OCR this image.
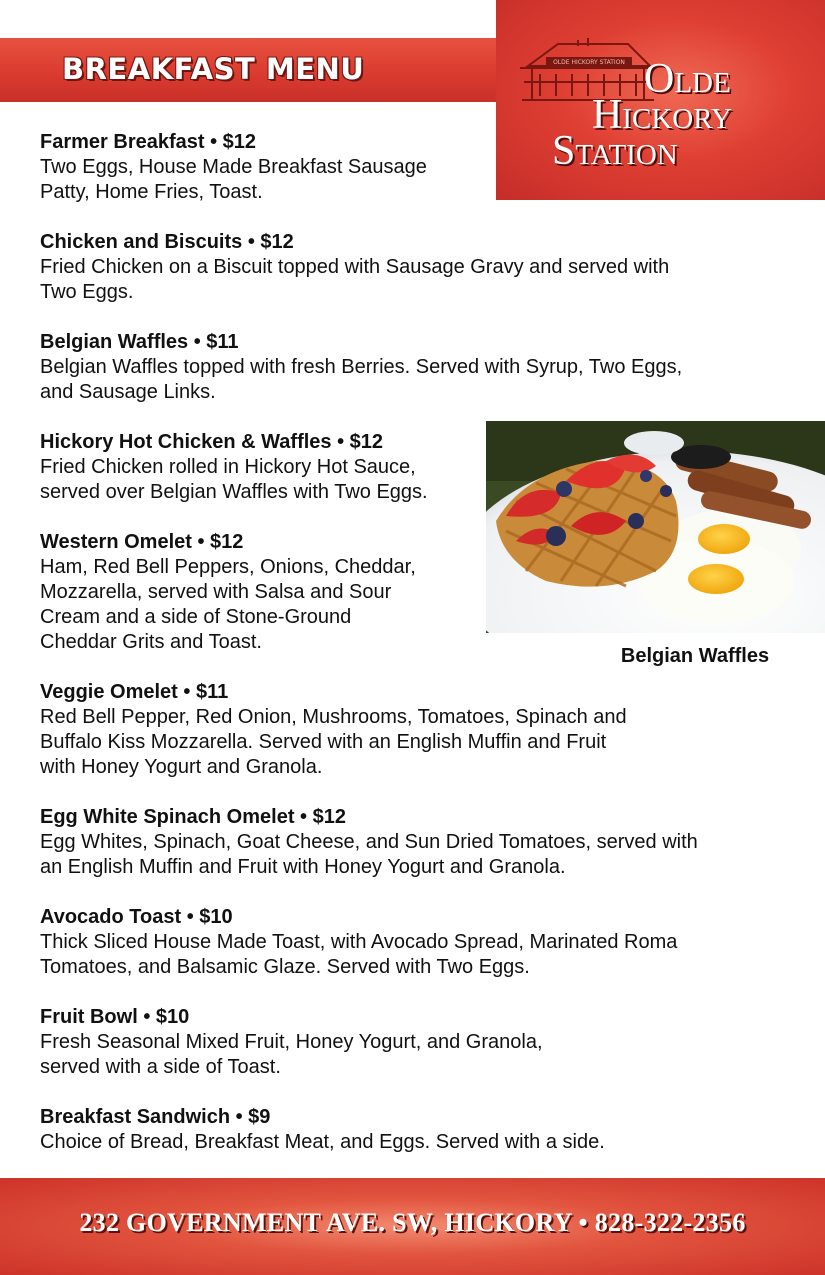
BREAKFAST MENU	OLDE HICKORY STATION Olde
Hickory
Station
Farmer Breakfast • $12
Two Eggs, House Made Breakfast Sausage
Patty, Home Fries, Toast.
Chicken and Biscuits • $12
Fried Chicken on a Biscuit topped with Sausage Gravy and served with
Two Eggs.
Belgian Waffles • $11
Belgian Waffles topped with fresh Berries. Served with Syrup, Two Eggs,
and Sausage Links.
Hickory Hot Chicken & Waffles • $12
Fried Chicken rolled in Hickory Hot Sauce,
served over Belgian Waffles with Two Eggs.
Western Omelet • $12
Ham, Red Bell Peppers, Onions, Cheddar,
Mozzarella, served with Salsa and Sour
Cream and a side of Stone-Ground
Cheddar Grits and Toast.
Veggie Omelet • $11
Red Bell Pepper, Red Onion, Mushrooms, Tomatoes, Spinach and
Buffalo Kiss Mozzarella. Served with an English Muffin and Fruit
with Honey Yogurt and Granola.
Egg White Spinach Omelet • $12
Egg Whites, Spinach, Goat Cheese, and Sun Dried Tomatoes, served with
an English Muffin and Fruit with Honey Yogurt and Granola.
Avocado Toast • $10
Thick Sliced House Made Toast, with Avocado Spread, Marinated Roma
Tomatoes, and Balsamic Glaze. Served with Two Eggs.
Fruit Bowl • $10
Fresh Seasonal Mixed Fruit, Honey Yogurt, and Granola,
served with a side of Toast.
Breakfast Sandwich • $9
Choice of Bread, Breakfast Meat, and Eggs. Served with a side.
Belgian Waffles
232 GOVERNMENT AVE. SW, HICKORY • 828-322-2356
